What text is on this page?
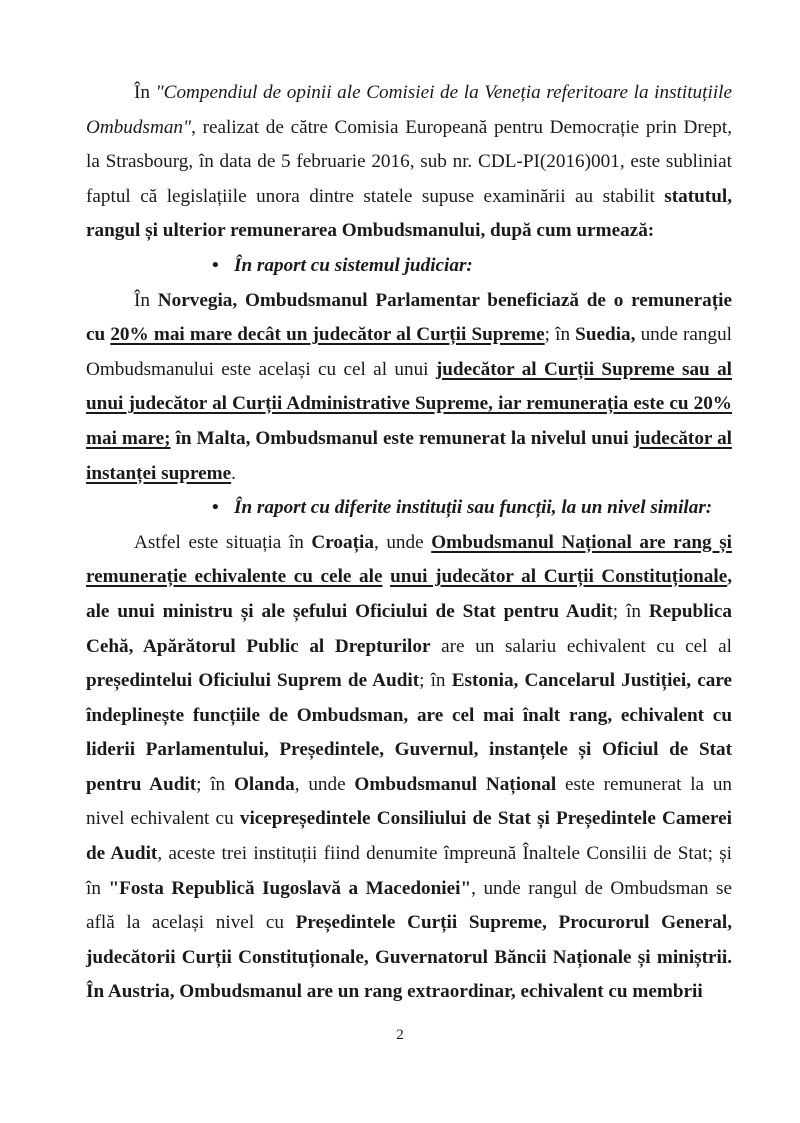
În "Compendiul de opinii ale Comisiei de la Veneția referitoare la instituțiile Ombudsman", realizat de către Comisia Europeană pentru Democrație prin Drept, la Strasbourg, în data de 5 februarie 2016, sub nr. CDL-PI(2016)001, este subliniat faptul că legislațiile unora dintre statele supuse examinării au stabilit statutul, rangul și ulterior remunerarea Ombudsmanului, după cum urmează:

• În raport cu sistemul judiciar:

În Norvegia, Ombudsmanul Parlamentar beneficiază de o remunerație cu 20% mai mare decât un judecător al Curții Supreme; în Suedia, unde rangul Ombudsmanului este același cu cel al unui judecător al Curții Supreme sau al unui judecător al Curții Administrative Supreme, iar remunerația este cu 20% mai mare; în Malta, Ombudsmanul este remunerat la nivelul unui judecător al instanței supreme.

• În raport cu diferite instituții sau funcții, la un nivel similar:

Astfel este situația în Croația, unde Ombudsmanul Național are rang și remunerație echivalente cu cele ale unui judecător al Curții Constituționale, ale unui ministru și ale șefului Oficiului de Stat pentru Audit; în Republica Cehă, Apărătorul Public al Drepturilor are un salariu echivalent cu cel al președintelui Oficiului Suprem de Audit; în Estonia, Cancelarul Justiției, care îndeplinește funcțiile de Ombudsman, are cel mai înalt rang, echivalent cu liderii Parlamentului, Președintele, Guvernul, instanțele și Oficiul de Stat pentru Audit; în Olanda, unde Ombudsmanul Național este remunerat la un nivel echivalent cu vicepreședintele Consiliului de Stat și Președintele Camerei de Audit, aceste trei instituții fiind denumite împreună Înaltele Consilii de Stat; și în "Fosta Republică Iugoslavă a Macedoniei", unde rangul de Ombudsman se află la același nivel cu Președintele Curții Supreme, Procurorul General, judecătorii Curții Constituționale, Guvernatorul Băncii Naționale și miniștrii. În Austria, Ombudsmanul are un rang extraordinar, echivalent cu membrii

2
